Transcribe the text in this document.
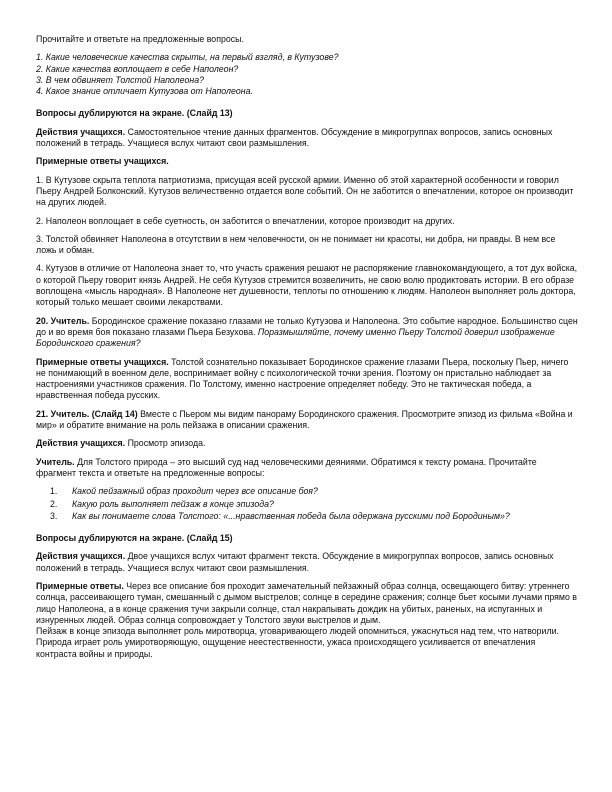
Прочитайте и ответьте на предложенные вопросы.

1. Какие человеческие качества скрыты, на первый взгляд, в Кутузове?
2. Какие качества воплощает в себе Наполеон?
3. В чем обвиняет Толстой Наполеона?
4. Какое знание отличает Кутузова от Наполеона.

Вопросы дублируются на экране. (Слайд 13)

Действия учащихся. Самостоятельное чтение данных фрагментов. Обсуждение в микрогруппах вопросов, запись основных положений в тетрадь. Учащиеся вслух читают свои размышления.

Примерные ответы учащихся.

1. В Кутузове скрыта теплота патриотизма, присущая всей русской армии. Именно об этой характерной особенности и говорил Пьеру Андрей Болконский. Кутузов величественно отдается воле событий. Он не заботится о впечатлении, которое он производит на других людей.

2. Наполеон воплощает в себе суетность, он заботится о впечатлении, которое производит на других.

3. Толстой обвиняет Наполеона в отсутствии в нем человечности, он не понимает ни красоты, ни добра, ни правды. В нем все ложь и обман.

4. Кутузов в отличие от Наполеона знает то, что участь сражения решают не распоряжение главнокомандующего, а тот дух войска, о которой Пьеру говорит князь Андрей. Не себя Кутузов стремится возвеличить, не свою волю продиктовать истории. В его образе воплощена «мысль народная». В Наполеоне нет душевности, теплоты по отношению к людям. Наполеон выполняет роль доктора, который только мешает своими лекарствами.

20. Учитель. Бородинское сражение показано глазами не только Кутузова и Наполеона. Это событие народное. Большинство сцен до и во время боя показано глазами Пьера Безухова. Поразмышляйте, почему именно Пьеру Толстой доверил изображение Бородинского сражения?

Примерные ответы учащихся. Толстой сознательно показывает Бородинское сражение глазами Пьера, поскольку Пьер, ничего не понимающий в военном деле, воспринимает войну с психологической точки зрения. Поэтому он пристально наблюдает за настроениями участников сражения. По Толстому, именно настроение определяет победу. Это не тактическая победа, а нравственная победа русских.

21. Учитель. (Слайд 14) Вместе с Пьером мы видим панораму Бородинского сражения. Просмотрите эпизод из фильма «Война и мир» и обратите внимание на роль пейзажа в описании сражения.

Действия учащихся. Просмотр эпизода.

Учитель. Для Толстого природа – это высший суд над человеческими деяниями. Обратимся к тексту романа. Прочитайте фрагмент текста и ответьте на предложенные вопросы:

1.	Какой пейзажный образ проходит через все описание боя?
2.	Какую роль выполняет пейзаж в конце эпизода?
3.	Как вы понимаете слова Толстого: «...нравственная победа была одержана русскими под Бородиным»?

Вопросы дублируются на экране. (Слайд 15)

Действия учащихся. Двое учащихся вслух читают фрагмент текста. Обсуждение в микрогруппах вопросов, запись основных положений в тетрадь. Учащиеся вслух читают свои размышления.

Примерные ответы. Через все описание боя проходит замечательный пейзажный образ солнца, освещающего битву: утреннего солнца, рассеивающего туман, смешанный с дымом выстрелов; солнце в середине сражения; солнце бьет косыми лучами прямо в лицо Наполеона, а в конце сражения тучи закрыли солнце, стал накрапывать дождик на убитых, раненых, на испуганных и изнуренных людей. Образ солнца сопровождает у Толстого звуки выстрелов и дым.

Пейзаж в конце эпизода выполняет роль миротворца, уговаривающего людей опомниться, ужаснуться над тем, что натворили. Природа играет роль умиротворяющую, ощущение неестественности, ужаса происходящего усиливается от впечатления контраста войны и природы.
